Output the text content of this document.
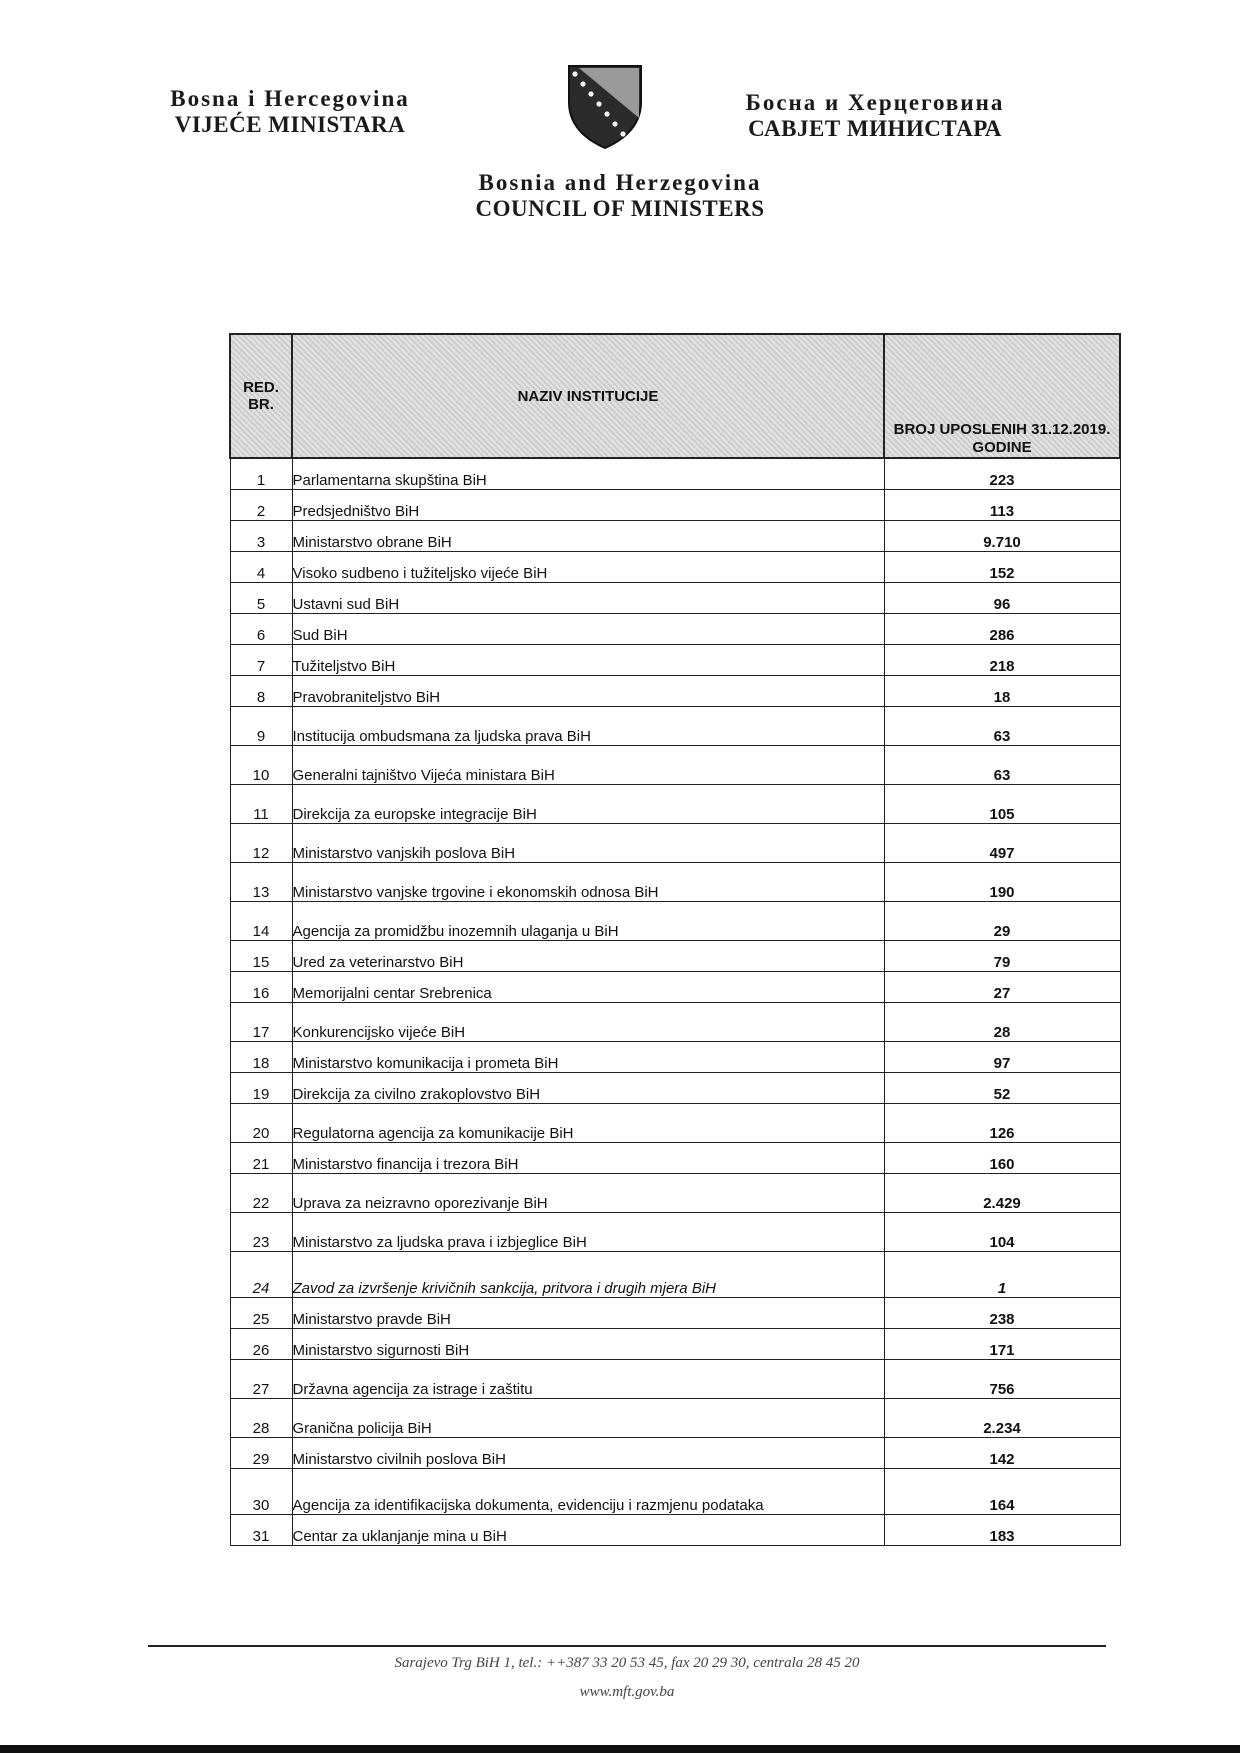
Bosna i Hercegovina
VIJEĆE MINISTARA
Босна и Херцеговина
САВЈЕТ МИНИСТАРА
Bosnia and Herzegovina
COUNCIL OF MINISTERS
RED. BR.	NAZIV INSTITUCIJE	BROJ UPOSLENIH 31.12.2019. GODINE
1	Parlamentarna skupština BiH	223
2	Predsjedništvo BiH	113
3	Ministarstvo obrane BiH	9.710
4	Visoko sudbeno i tužiteljsko vijeće BiH	152
5	Ustavni sud BiH	96
6	Sud BiH	286
7	Tužiteljstvo BiH	218
8	Pravobraniteljstvo BiH	18
9	Institucija ombudsmana za ljudska prava BiH	63
10	Generalni tajništvo Vijeća ministara BiH	63
11	Direkcija za europske integracije BiH	105
12	Ministarstvo vanjskih poslova BiH	497
13	Ministarstvo vanjske trgovine i ekonomskih odnosa BiH	190
14	Agencija za promidžbu inozemnih ulaganja u BiH	29
15	Ured za veterinarstvo BiH	79
16	Memorijalni centar Srebrenica	27
17	Konkurencijsko vijeće BiH	28
18	Ministarstvo komunikacija i prometa BiH	97
19	Direkcija za civilno zrakoplovstvo BiH	52
20	Regulatorna agencija za komunikacije BiH	126
21	Ministarstvo financija i trezora BiH	160
22	Uprava za neizravno oporezivanje BiH	2.429
23	Ministarstvo za ljudska prava i izbjeglice BiH	104
24	Zavod za izvršenje krivičnih sankcija, pritvora i drugih mjera BiH	1
25	Ministarstvo pravde BiH	238
26	Ministarstvo sigurnosti BiH	171
27	Državna agencija za istrage i zaštitu	756
28	Granična policija BiH	2.234
29	Ministarstvo civilnih poslova BiH	142
30	Agencija za identifikacijska dokumenta, evidenciju i razmjenu podataka	164
31	Centar za uklanjanje mina u BiH	183
Sarajevo Trg BiH 1, tel.: ++387 33 20 53 45, fax 20 29 30, centrala 28 45 20
www.mft.gov.ba
